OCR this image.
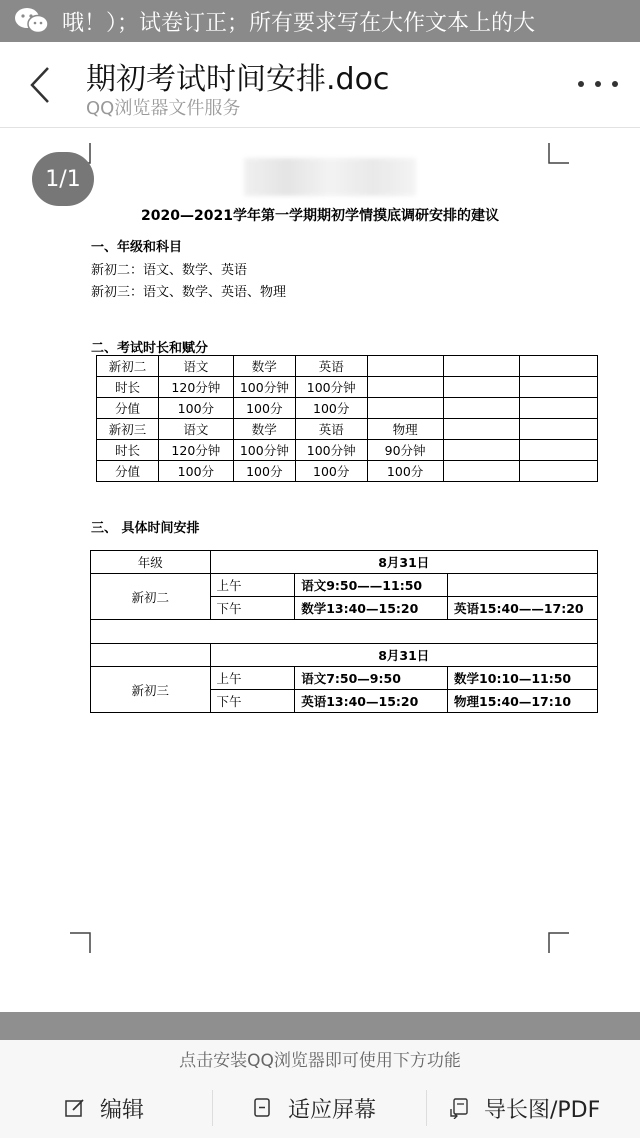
哦！）；试卷订正；所有要求写在大作文本上的大
期初考试时间安排.doc
QQ浏览器文件服务
1/1
2020—2021学年第一学期期初学情摸底调研安排的建议
一、年级和科目
新初二：语文、数学、英语
新初三：语文、数学、英语、物理
二、考试时长和赋分
新初二	语文	数学	英语			
时长	120分钟	100分钟	100分钟			
分值	100分	100分	100分			
新初三	语文	数学	英语	物理		
时长	120分钟	100分钟	100分钟	90分钟		
分值	100分	100分	100分	100分		
三、 具体时间安排
年级	8月31日		
新初二	上午	语文9:50——11:50	
	下午	数学13:40—15:20	英语15:40——17:20

	8月31日		
新初三	上午	语文7:50—9:50	数学10:10—11:50
	下午	英语13:40—15:20	物理15:40—17:10
点击安装QQ浏览器即可使用下方功能
编辑	适应屏幕	导长图/PDF
